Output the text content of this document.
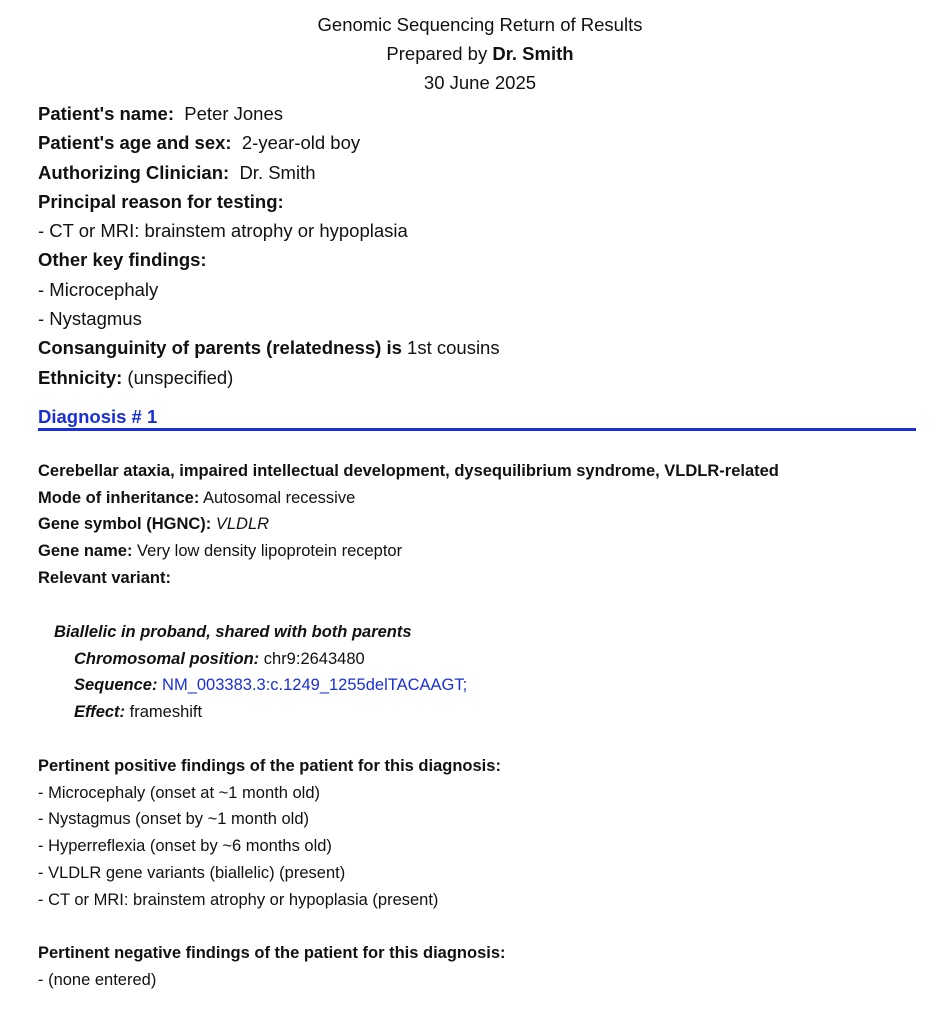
Genomic Sequencing Return of Results
Prepared by Dr. Smith
30 June 2025
Patient's name: Peter Jones
Patient's age and sex: 2-year-old boy
Authorizing Clinician: Dr. Smith
Principal reason for testing:
- CT or MRI: brainstem atrophy or hypoplasia
Other key findings:
- Microcephaly
- Nystagmus
Consanguinity of parents (relatedness) is 1st cousins
Ethnicity: (unspecified)
Diagnosis # 1
Cerebellar ataxia, impaired intellectual development, dysequilibrium syndrome, VLDLR-related
Mode of inheritance: Autosomal recessive
Gene symbol (HGNC): VLDLR
Gene name: Very low density lipoprotein receptor
Relevant variant:
Biallelic in proband, shared with both parents
Chromosomal position: chr9:2643480
Sequence: NM_003383.3:c.1249_1255delTACAAGT;
Effect: frameshift
Pertinent positive findings of the patient for this diagnosis:
- Microcephaly (onset at ~1 month old)
- Nystagmus (onset by ~1 month old)
- Hyperreflexia (onset by ~6 months old)
- VLDLR gene variants (biallelic) (present)
- CT or MRI: brainstem atrophy or hypoplasia (present)
Pertinent negative findings of the patient for this diagnosis:
- (none entered)
